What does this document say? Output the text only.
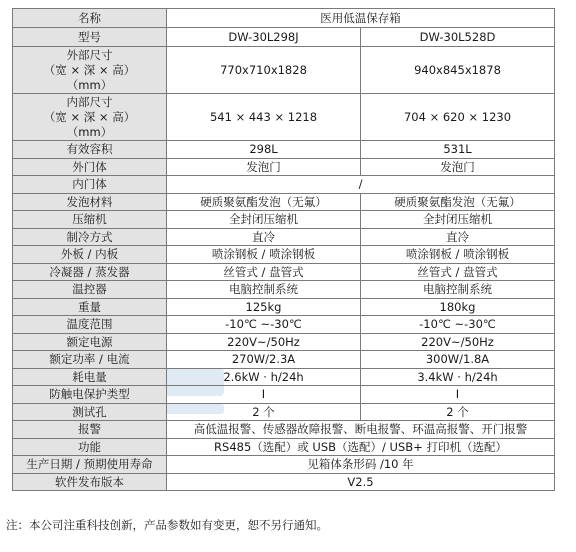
名称	医用低温保存箱	
型号	DW-30L298J	DW-30L528D
外部尺寸
（宽 × 深 × 高）
（mm）	770x710x1828	940x845x1878
内部尺寸
（宽 × 深 × 高）
（mm）	541 × 443 × 1218	704 × 620 × 1230
有效容积	298L	531L
外门体	发泡门	发泡门
内门体	/	
发泡材料	硬质聚氨酯发泡（无氟）	硬质聚氨酯发泡（无氟）
压缩机	全封闭压缩机	全封闭压缩机
制冷方式	直冷	直冷
外板 / 内板	喷涂钢板 / 喷涂钢板	喷涂钢板 / 喷涂钢板
冷凝器 / 蒸发器	丝管式 / 盘管式	丝管式 / 盘管式
温控器	电脑控制系统	电脑控制系统
重量	125kg	180kg
温度范围	-10℃ ~-30℃	-10℃ ~-30℃
额定电源	220V~/50Hz	220V~/50Hz
额定功率 / 电流	270W/2.3A	300W/1.8A
耗电量	2.6kW · h/24h	3.4kW · h/24h
防触电保护类型	I	I
测试孔	2 个	2 个
报警	高低温报警、传感器故障报警、断电报警、环温高报警、开门报警	
功能	RS485（选配）或 USB（选配）/ USB+ 打印机（选配）	
生产日期 / 预期使用寿命	见箱体条形码 /10 年	
软件发布版本	V2.5	
注：本公司注重科技创新，产品参数如有变更，恕不另行通知。
